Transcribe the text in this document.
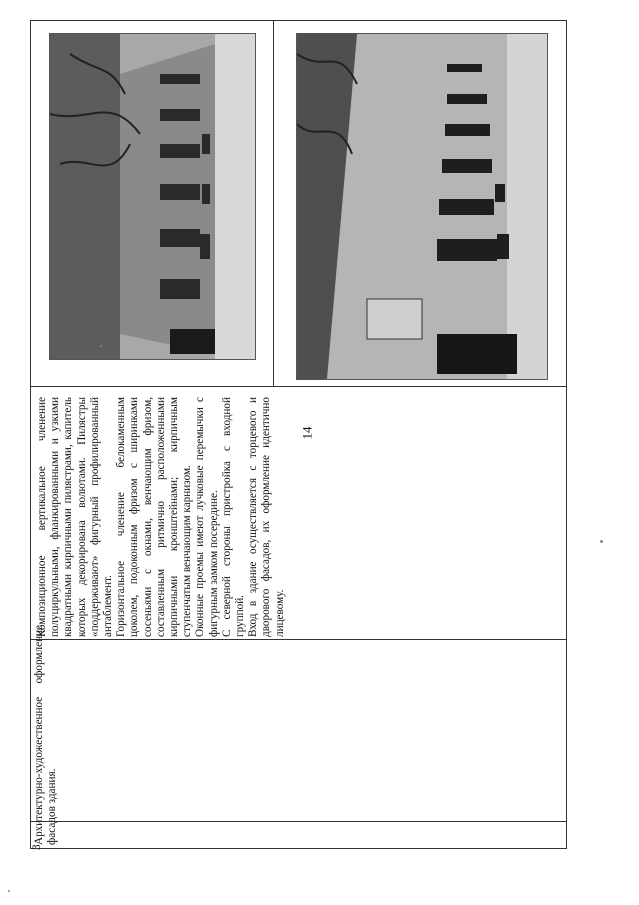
14
3

Архитектурно-художественное оформление фасадов здания.

Композиционное вертикальное членение полуциркульными, фланкированными и узкими квадратными кирпичными пилястрами, капитель которых декорирована волютами. Пилястры «поддерживают» фигурный профилированный антаблемент. Горизонтальное членение белокаменным цоколем, подоконным фризом с ширинками сосеньями с окнами, венчающим фризом, составленным ритмично расположенными кирпичными кронштейнами; кирпичным ступенчатым венчающим карнизом. Оконные проемы имеют лучковые перемычки с фигурным замком посередине. С северной стороны пристройка с входной группой. Вход в здание осуществляется с торцевого и дворового фасадов, их оформление идентично лицевому.
